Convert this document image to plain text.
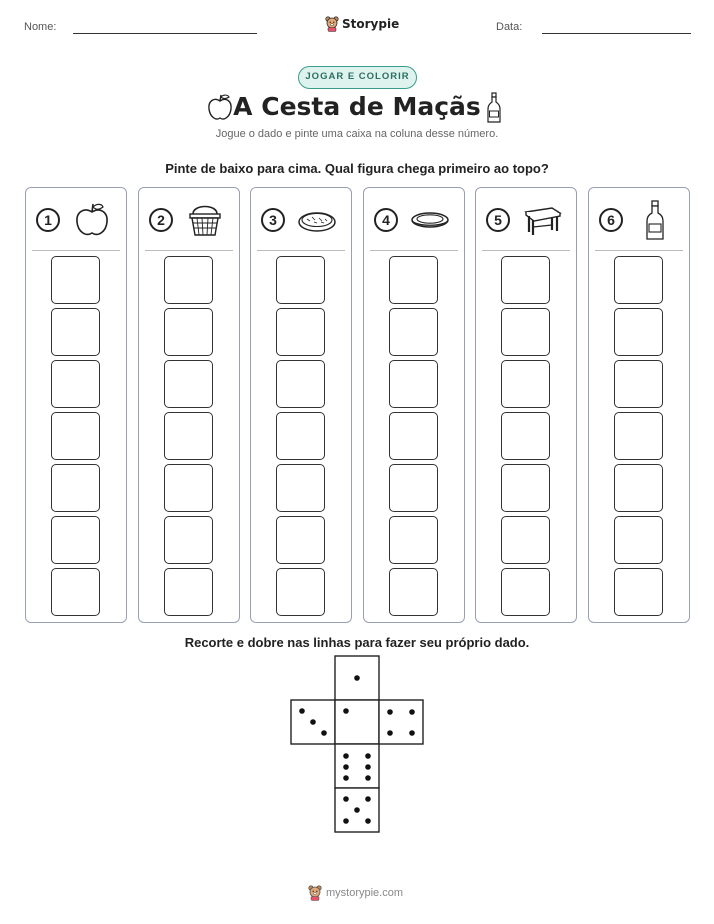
Nome:	Storypie	Data:
JOGAR E COLORIR
A Cesta de Maçãs
Jogue o dado e pinte uma caixa na coluna desse número.
Pinte de baixo para cima. Qual figura chega primeiro ao topo?
1	2	3	4	5	6
Recorte e dobre nas linhas para fazer seu próprio dado.
mystorypie.com
